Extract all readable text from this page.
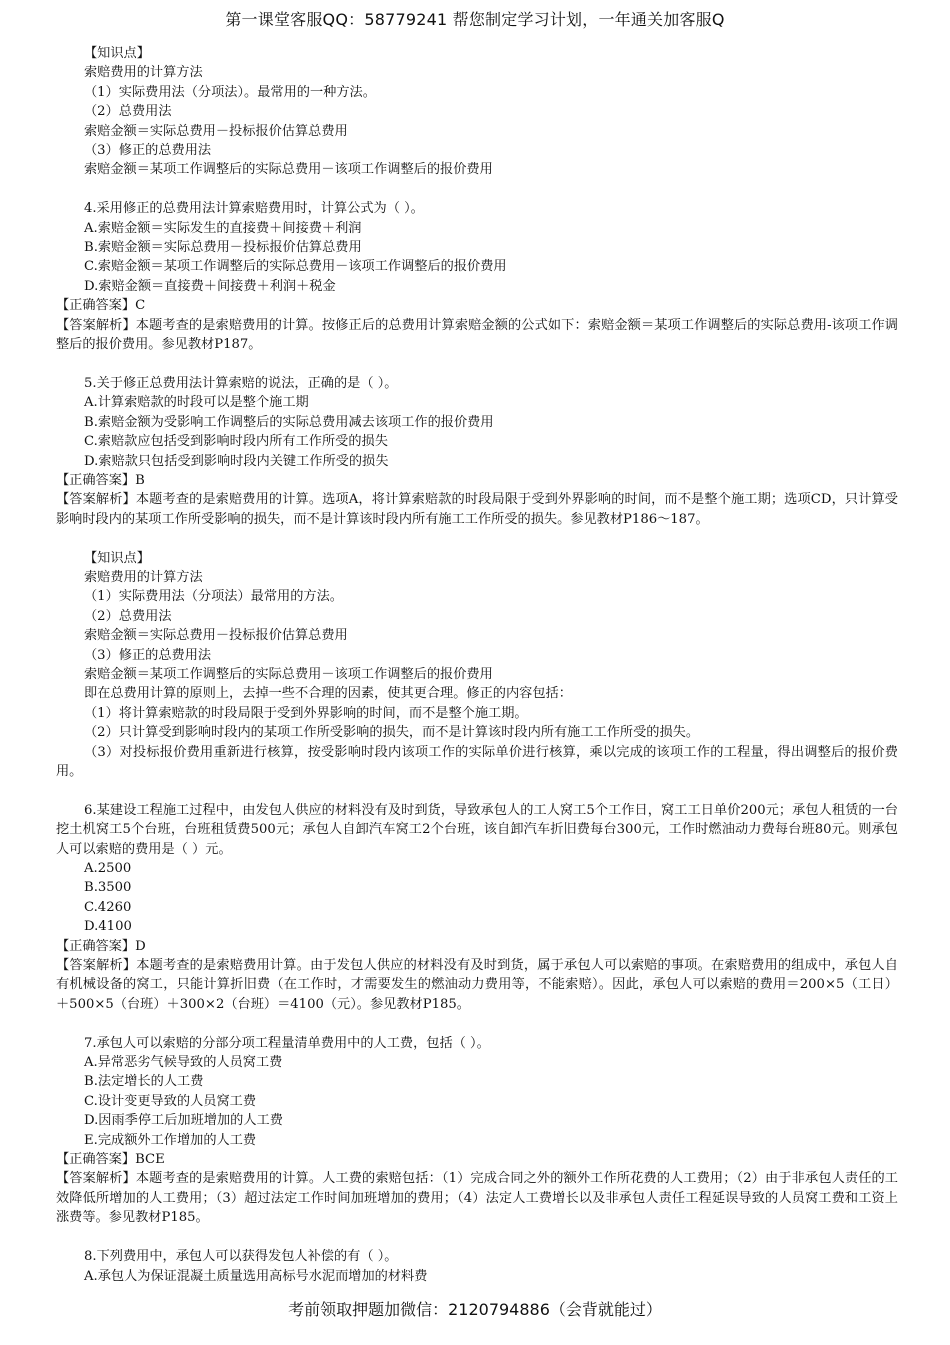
第一课堂客服QQ：58779241 帮您制定学习计划，一年通关加客服Q
【知识点】
索赔费用的计算方法
（1）实际费用法（分项法）。最常用的一种方法。
（2）总费用法
索赔金额＝实际总费用－投标报价估算总费用
（3）修正的总费用法
索赔金额＝某项工作调整后的实际总费用－该项工作调整后的报价费用
4.采用修正的总费用法计算索赔费用时，计算公式为（ ）。
A.索赔金额＝实际发生的直接费＋间接费＋利润
B.索赔金额＝实际总费用－投标报价估算总费用
C.索赔金额＝某项工作调整后的实际总费用－该项工作调整后的报价费用
D.索赔金额＝直接费＋间接费＋利润＋税金
【正确答案】C
【答案解析】本题考查的是索赔费用的计算。按修正后的总费用计算索赔金额的公式如下：索赔金额＝某项工作调整后的实际总费用-该项工作调整后的报价费用。参见教材P187。
5.关于修正总费用法计算索赔的说法，正确的是（ ）。
A.计算索赔款的时段可以是整个施工期
B.索赔金额为受影响工作调整后的实际总费用减去该项工作的报价费用
C.索赔款应包括受到影响时段内所有工作所受的损失
D.索赔款只包括受到影响时段内关键工作所受的损失
【正确答案】B
【答案解析】本题考查的是索赔费用的计算。选项A，将计算索赔款的时段局限于受到外界影响的时间，而不是整个施工期；选项CD，只计算受影响时段内的某项工作所受影响的损失，而不是计算该时段内所有施工工作所受的损失。参见教材P186～187。
【知识点】
索赔费用的计算方法
（1）实际费用法（分项法）最常用的方法。
（2）总费用法
索赔金额＝实际总费用－投标报价估算总费用
（3）修正的总费用法
索赔金额＝某项工作调整后的实际总费用－该项工作调整后的报价费用
即在总费用计算的原则上，去掉一些不合理的因素，使其更合理。修正的内容包括：
（1）将计算索赔款的时段局限于受到外界影响的时间，而不是整个施工期。
（2）只计算受到影响时段内的某项工作所受影响的损失，而不是计算该时段内所有施工工作所受的损失。
（3）对投标报价费用重新进行核算，按受影响时段内该项工作的实际单价进行核算，乘以完成的该项工作的工程量，得出调整后的报价费用。
6.某建设工程施工过程中，由发包人供应的材料没有及时到货，导致承包人的工人窝工5个工作日，窝工工日单价200元；承包人租赁的一台挖土机窝工5个台班，台班租赁费500元；承包人自卸汽车窝工2个台班，该自卸汽车折旧费每台300元，工作时燃油动力费每台班80元。则承包人可以索赔的费用是（ ）元。
A.2500
B.3500
C.4260
D.4100
【正确答案】D
【答案解析】本题考查的是索赔费用计算。由于发包人供应的材料没有及时到货，属于承包人可以索赔的事项。在索赔费用的组成中，承包人自有机械设备的窝工，只能计算折旧费（在工作时，才需要发生的燃油动力费用等，不能索赔）。因此，承包人可以索赔的费用＝200×5（工日）＋500×5（台班）＋300×2（台班）＝4100（元）。参见教材P185。
7.承包人可以索赔的分部分项工程量清单费用中的人工费，包括（ ）。
A.异常恶劣气候导致的人员窝工费
B.法定增长的人工费
C.设计变更导致的人员窝工费
D.因雨季停工后加班增加的人工费
E.完成额外工作增加的人工费
【正确答案】BCE
【答案解析】本题考查的是索赔费用的计算。人工费的索赔包括：（1）完成合同之外的额外工作所花费的人工费用；（2）由于非承包人责任的工效降低所增加的人工费用；（3）超过法定工作时间加班增加的费用；（4）法定人工费增长以及非承包人责任工程延误导致的人员窝工费和工资上涨费等。参见教材P185。
8.下列费用中，承包人可以获得发包人补偿的有（ ）。
A.承包人为保证混凝土质量选用高标号水泥而增加的材料费
考前领取押题加微信：2120794886（会背就能过）
